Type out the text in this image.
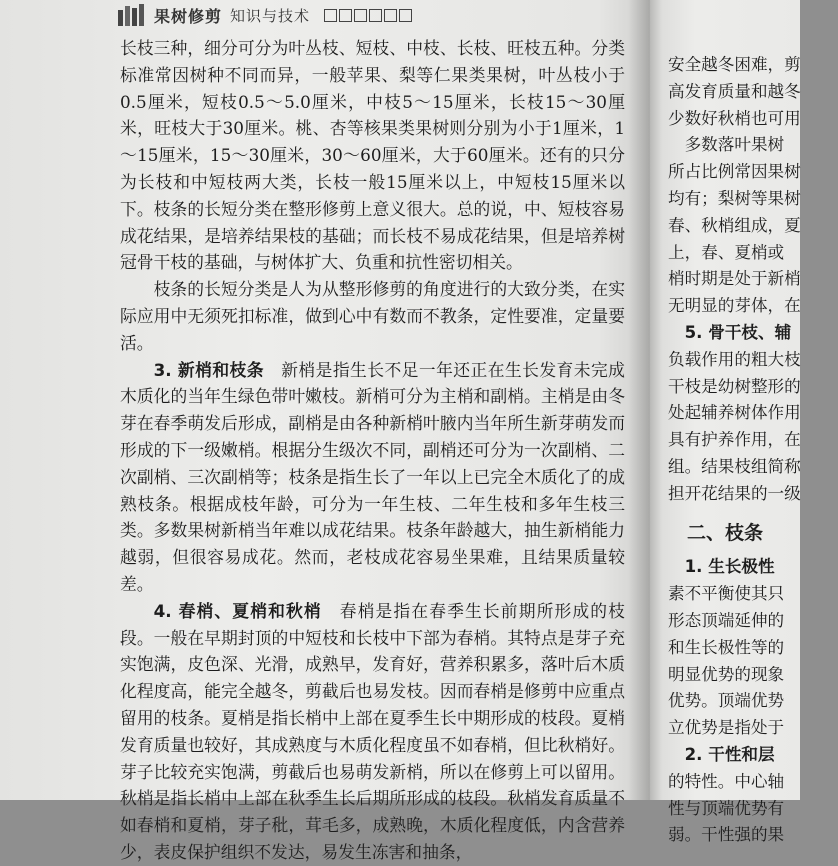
果树修剪 知识与技术

长枝三种，细分可分为叶丛枝、短枝、中枝、长枝、旺枝五种。分类标准常因树种不同而异，一般苹果、梨等仁果类果树，叶丛枝小于0.5厘米，短枝0.5～5.0厘米，中枝5～15厘米，长枝15～30厘米，旺枝大于30厘米。桃、杏等核果类果树则分别为小于1厘米，1～15厘米，15～30厘米，30～60厘米，大于60厘米。还有的只分为长枝和中短枝两大类，长枝一般15厘米以上，中短枝15厘米以下。枝条的长短分类在整形修剪上意义很大。总的说，中、短枝容易成花结果，是培养结果枝的基础；而长枝不易成花结果，但是培养树冠骨干枝的基础，与树体扩大、负重和抗性密切相关。

枝条的长短分类是人为从整形修剪的角度进行的大致分类，在实际应用中无须死扣标准，做到心中有数而不教条，定性要准，定量要活。

3. 新梢和枝条　 新梢是指生长不足一年还正在生长发育未完成木质化的当年生绿色带叶嫩枝。新梢可分为主梢和副梢。主梢是由冬芽在春季萌发后形成，副梢是由各种新梢叶腋内当年所生新芽萌发而形成的下一级嫩梢。根据分生级次不同，副梢还可分为一次副梢、二次副梢、三次副梢等；枝条是指生长了一年以上已完全木质化了的成熟枝条。根据成枝年龄，可分为一年生枝、二年生枝和多年生枝三类。多数果树新梢当年难以成花结果。枝条年龄越大，抽生新梢能力越弱，但很容易成花。然而，老枝成花容易坐果难，且结果质量较差。

4. 春梢、夏梢和秋梢　 春梢是指在春季生长前期所形成的枝段。一般在早期封顶的中短枝和长枝中下部为春梢。其特点是芽子充实饱满，皮色深、光滑，成熟早，发育好，营养积累多，落叶后木质化程度高，能完全越冬，剪截后也易发枝。因而春梢是修剪中应重点留用的枝条。夏梢是指长梢中上部在夏季生长中期形成的枝段。夏梢发育质量也较好，其成熟度与木质化程度虽不如春梢，但比秋梢好。芽子比较充实饱满，剪截后也易萌发新梢，所以在修剪上可以留用。秋梢是指长梢中上部在秋季生长后期所形成的枝段。秋梢发育质量不如春梢和夏梢，芽子秕，茸毛多，成熟晚，木质化程度低，内含营养少，表皮保护组织不发达，易发生冻害和抽条，

安全越冬困难，剪
高发育质量和越冬
少数好秋梢也可用
　多数落叶果树
所占比例常因果树
均有；梨树等果树
春、秋梢组成，夏
上，春、夏梢或
梢时期是处于新梢
无明显的芽体，在
　5. 骨干枝、辅
负载作用的粗大枝
干枝是幼树整形的
处起辅养树体作用
具有护养作用，在
组。结果枝组简称
担开花结果的一级
　二、枝条
　1. 生长极性
素不平衡使其只
形态顶端延伸的
和生长极性等的
明显优势的现象
优势。顶端优势
立优势是指处于
　2. 干性和层
的特性。中心轴
性与顶端优势有
弱。干性强的果
